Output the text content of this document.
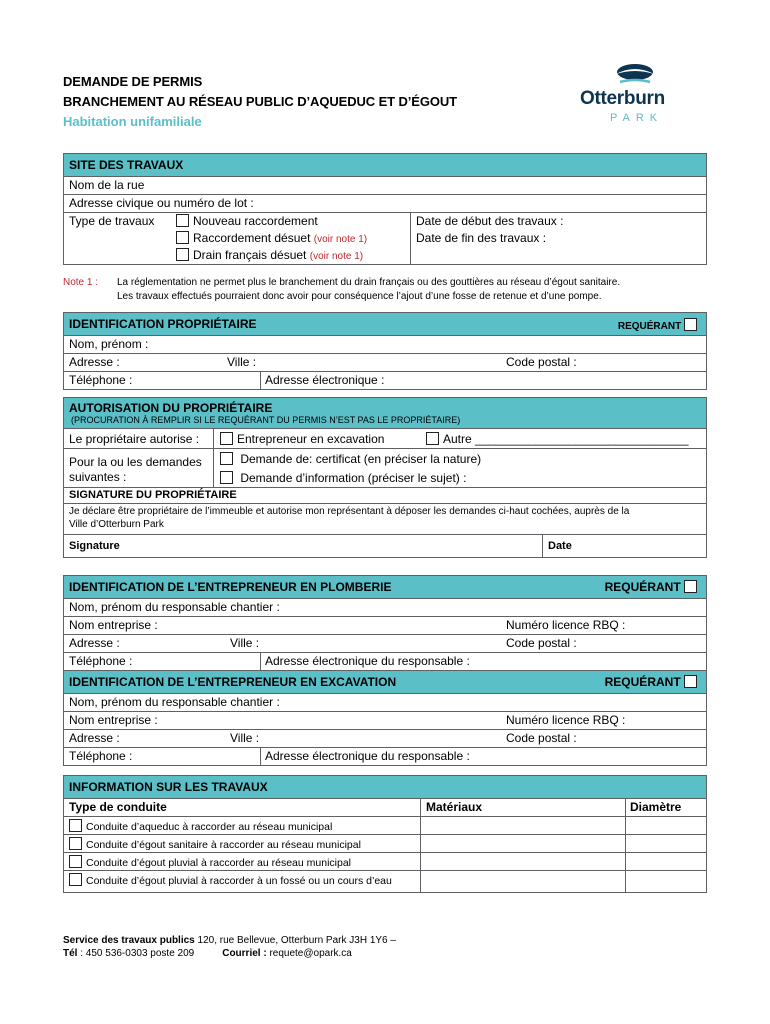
DEMANDE DE PERMIS
BRANCHEMENT AU RÉSEAU PUBLIC D’AQUEDUC ET D’ÉGOUT
Habitation unifamiliale
Otterburn
PARK
SITE DES TRAVAUX
Nom de la rue
Adresse civique ou numéro de lot :
Type de travaux	Nouveau raccordement	Date de début des travaux :
Raccordement désuet (voir note 1)	Date de fin des travaux :
Drain français désuet (voir note 1)
Note 1 : La réglementation ne permet plus le branchement du drain français ou des gouttières au réseau d’égout sanitaire.
Les travaux effectués pourraient donc avoir pour conséquence l’ajout d’une fosse de retenue et d’une pompe.
IDENTIFICATION PROPRIÉTAIRE	REQUÉRANT
Nom, prénom :
Adresse :	Ville :	Code postal :
Téléphone :	Adresse électronique :
AUTORISATION DU PROPRIÉTAIRE
(PROCURATION À REMPLIR SI LE REQUÉRANT DU PERMIS N’EST PAS LE PROPRIÉTAIRE)
Le propriétaire autorise :	Entrepreneur en excavation	Autre ________________________________
Pour la ou les demandes
suivantes :
Demande de: certificat (en préciser la nature)
Demande d’information (préciser le sujet) :
SIGNATURE DU PROPRIÉTAIRE
Je déclare être propriétaire de l’immeuble et autorise mon représentant à déposer les demandes ci-haut cochées, auprès de la
Ville d’Otterburn Park
Signature	Date
IDENTIFICATION DE L’ENTREPRENEUR EN PLOMBERIE	REQUÉRANT
Nom, prénom du responsable chantier :
Nom entreprise :	Numéro licence RBQ :
Adresse :	Ville :	Code postal :
Téléphone :	Adresse électronique du responsable :
IDENTIFICATION DE L’ENTREPRENEUR EN EXCAVATION	REQUÉRANT
Nom, prénom du responsable chantier :
Nom entreprise :	Numéro licence RBQ :
Adresse :	Ville :	Code postal :
Téléphone :	Adresse électronique du responsable :
INFORMATION SUR LES TRAVAUX
Type de conduite	Matériaux	Diamètre
Conduite d’aqueduc à raccorder au réseau municipal
Conduite d’égout sanitaire à raccorder au réseau municipal
Conduite d’égout pluvial à raccorder au réseau municipal
Conduite d’égout pluvial à raccorder à un fossé ou un cours d’eau
Service des travaux publics 120, rue Bellevue, Otterburn Park J3H 1Y6 –
Tél : 450 536-0303 poste 209	Courriel : requete@opark.ca
